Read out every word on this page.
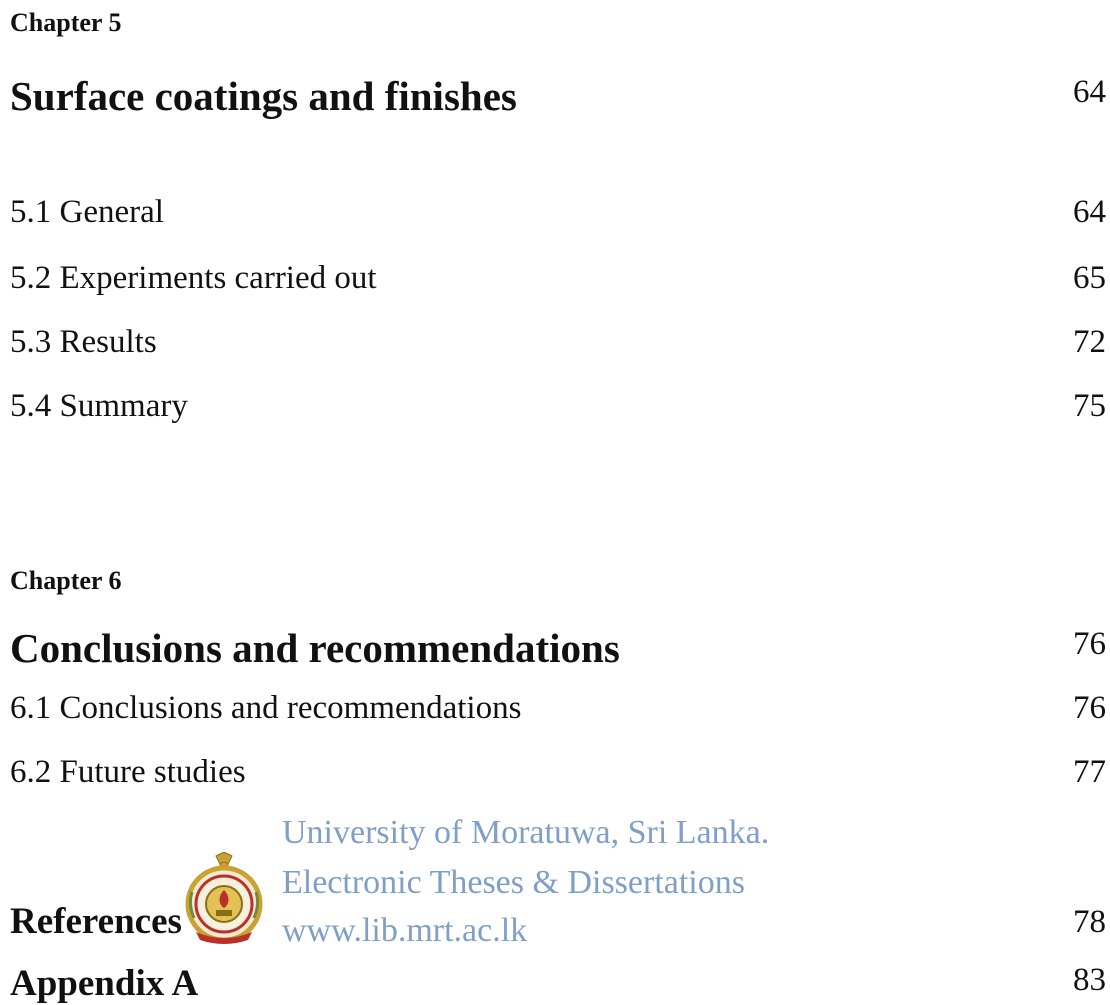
Chapter 5
Surface coatings and finishes	64
5.1 General	64
5.2 Experiments carried out	65
5.3 Results	72
5.4 Summary	75
Chapter 6
Conclusions and recommendations	76
6.1 Conclusions and recommendations	76
6.2 Future studies	77
University of Moratuwa, Sri Lanka.
Electronic Theses & Dissertations
www.lib.mrt.ac.lk
References	78
Appendix A	83
